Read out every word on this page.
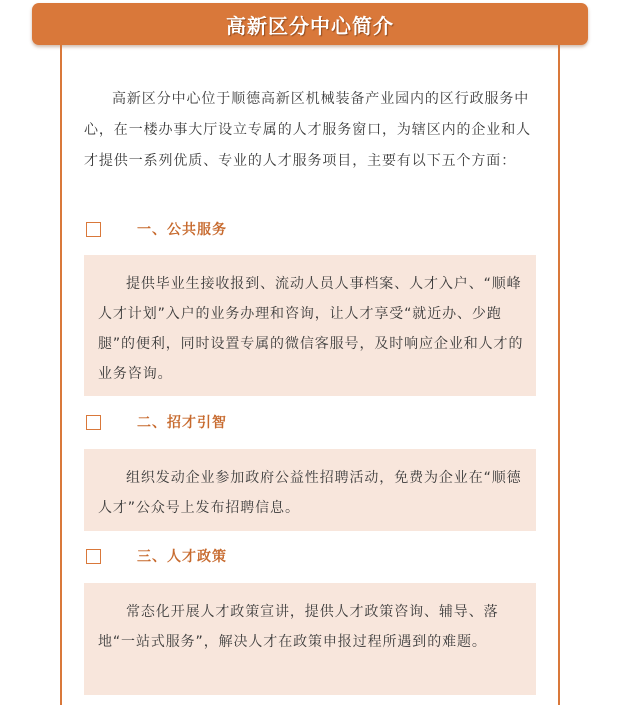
高新区分中心简介

高新区分中心位于顺德高新区机械装备产业园内的区行政服务中心，在一楼办事大厅设立专属的人才服务窗口，为辖区内的企业和人才提供一系列优质、专业的人才服务项目，主要有以下五个方面：

一、公共服务

提供毕业生接收报到、流动人员人事档案、人才入户、“顺峰人才计划”入户的业务办理和咨询，让人才享受“就近办、少跑腿”的便利，同时设置专属的微信客服号，及时响应企业和人才的业务咨询。

二、招才引智

组织发动企业参加政府公益性招聘活动，免费为企业在“顺德人才”公众号上发布招聘信息。

三、人才政策

常态化开展人才政策宣讲，提供人才政策咨询、辅导、落地“一站式服务”，解决人才在政策申报过程所遇到的难题。
